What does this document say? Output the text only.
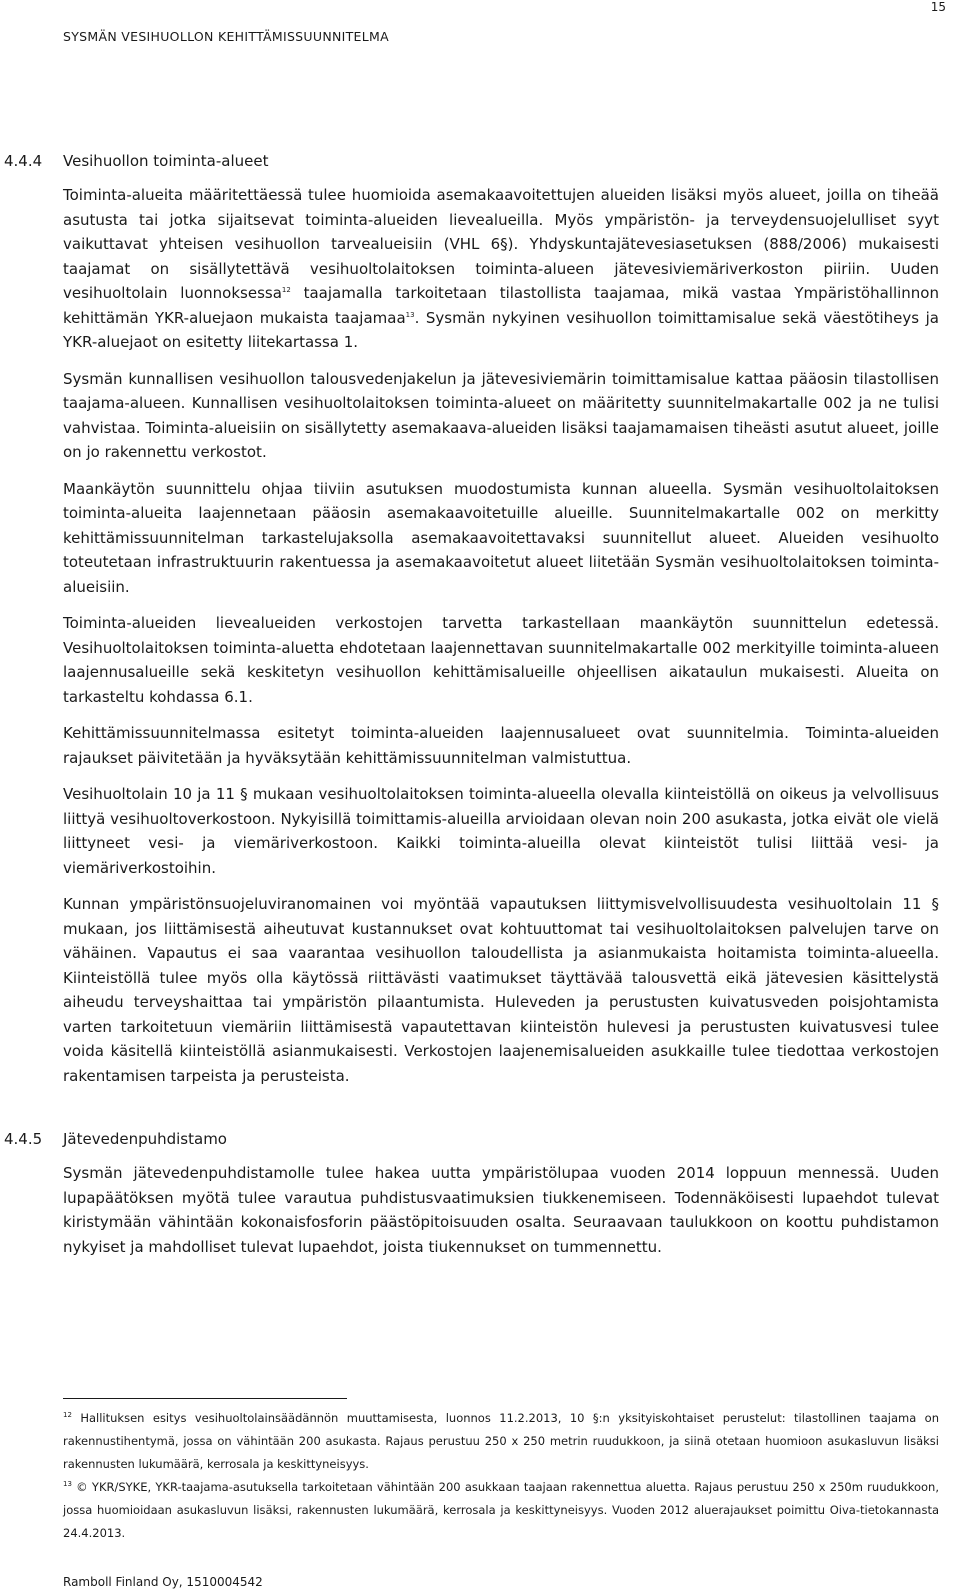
15
SYSMÄN VESIHUOLLON KEHITTÄMISSUUNNITELMA
4.4.4 Vesihuollon toiminta-alueet

Toiminta-alueita määritettäessä tulee huomioida asemakaavoitettujen alueiden lisäksi myös alueet, joilla on tiheää asutusta tai jotka sijaitsevat toiminta-alueiden lievealueilla. Myös ympäristön- ja terveydensuojelulliset syyt vaikuttavat yhteisen vesihuollon tarvealueisiin (VHL 6§). Yhdyskuntajätevesiasetuksen (888/2006) mukaisesti taajamat on sisällytettävä vesihuoltolaitoksen toiminta-alueen jätevesiviemäriverkoston piiriin. Uuden vesihuoltolain luonnoksessa$^{12}$ taajamalla tarkoitetaan tilastollista taajamaa, mikä vastaa Ympäristöhallinnon kehittämän YKR-aluejaon mukaista taajamaa$^{13}$. Sysmän nykyinen vesihuollon toimittamisalue sekä väestötiheys ja YKR-aluejaot on esitetty liitekartassa 1.

Sysmän kunnallisen vesihuollon talousvedenjakelun ja jätevesiviemärin toimittamisalue kattaa pääosin tilastollisen taajama-alueen. Kunnallisen vesihuoltolaitoksen toiminta-alueet on määritetty suunnitelmakartalle 002 ja ne tulisi vahvistaa. Toiminta-alueisiin on sisällytetty asemakaava-alueiden lisäksi taajamamaisen tiheästi asutut alueet, joille on jo rakennettu verkostot.

Maankäytön suunnittelu ohjaa tiiviin asutuksen muodostumista kunnan alueella. Sysmän vesihuoltolaitoksen toiminta-alueita laajennetaan pääosin asemakaavoitetuille alueille. Suunnitelmakartalle 002 on merkitty kehittämissuunnitelman tarkastelujaksolla asemakaavoitettavaksi suunnitellut alueet. Alueiden vesihuolto toteutetaan infrastruktuurin rakentuessa ja asemakaavoitetut alueet liitetään Sysmän vesihuoltolaitoksen toiminta-alueisiin.

Toiminta-alueiden lievealueiden verkostojen tarvetta tarkastellaan maankäytön suunnittelun edetessä. Vesihuoltolaitoksen toiminta-aluetta ehdotetaan laajennettavan suunnitelmakartalle 002 merkityille toiminta-alueen laajennusalueille sekä keskitetyn vesihuollon kehittämisalueille ohjeellisen aikataulun mukaisesti. Alueita on tarkasteltu kohdassa 6.1.

Kehittämissuunnitelmassa esitetyt toiminta-alueiden laajennusalueet ovat suunnitelmia. Toiminta-alueiden rajaukset päivitetään ja hyväksytään kehittämissuunnitelman valmistuttua.

Vesihuoltolain 10 ja 11 § mukaan vesihuoltolaitoksen toiminta-alueella olevalla kiinteistöllä on oikeus ja velvollisuus liittyä vesihuoltoverkostoon. Nykyisillä toimittamis-alueilla arvioidaan olevan noin 200 asukasta, jotka eivät ole vielä liittyneet vesi- ja viemäriverkostoon. Kaikki toiminta-alueilla olevat kiinteistöt tulisi liittää vesi- ja viemäriverkostoihin.

Kunnan ympäristönsuojeluviranomainen voi myöntää vapautuksen liittymisvelvollisuudesta vesihuoltolain 11 § mukaan, jos liittämisestä aiheutuvat kustannukset ovat kohtuuttomat tai vesihuoltolaitoksen palvelujen tarve on vähäinen. Vapautus ei saa vaarantaa vesihuollon taloudellista ja asianmukaista hoitamista toiminta-alueella. Kiinteistöllä tulee myös olla käytössä riittävästi vaatimukset täyttävää talousvettä eikä jätevesien käsittelystä aiheudu terveyshaittaa tai ympäristön pilaantumista. Huleveden ja perustusten kuivatusveden poisjohtamista varten tarkoitetuun viemäriin liittämisestä vapautettavan kiinteistön hulevesi ja perustusten kuivatusvesi tulee voida käsitellä kiinteistöllä asianmukaisesti. Verkostojen laajenemisalueiden asukkaille tulee tiedottaa verkostojen rakentamisen tarpeista ja perusteista.

4.4.5 Jätevedenpuhdistamo

Sysmän jätevedenpuhdistamolle tulee hakea uutta ympäristölupaa vuoden 2014 loppuun mennessä. Uuden lupapäätöksen myötä tulee varautua puhdistusvaatimuksien tiukkenemiseen. Todennäköisesti lupaehdot tulevat kiristymään vähintään kokonaisfosforin päästöpitoisuuden osalta. Seuraavaan taulukkoon on koottu puhdistamon nykyiset ja mahdolliset tulevat lupaehdot, joista tiukennukset on tummennettu.

$^{12}$ Hallituksen esitys vesihuoltolainsäädännön muuttamisesta, luonnos 11.2.2013, 10 §:n yksityiskohtaiset perustelut: tilastollinen taajama on rakennustihentymä, jossa on vähintään 200 asukasta. Rajaus perustuu 250 x 250 metrin ruudukkoon, ja siinä otetaan huomioon asukasluvun lisäksi rakennusten lukumäärä, kerrosala ja keskittyneisyys.

$^{13}$ © YKR/SYKE, YKR-taajama-asutuksella tarkoitetaan vähintään 200 asukkaan taajaan rakennettua aluetta. Rajaus perustuu 250 x 250m ruudukkoon, jossa huomioidaan asukasluvun lisäksi, rakennusten lukumäärä, kerrosala ja keskittyneisyys. Vuoden 2012 aluerajaukset poimittu Oiva-tietokannasta 24.4.2013.

Ramboll Finland Oy, 1510004542
